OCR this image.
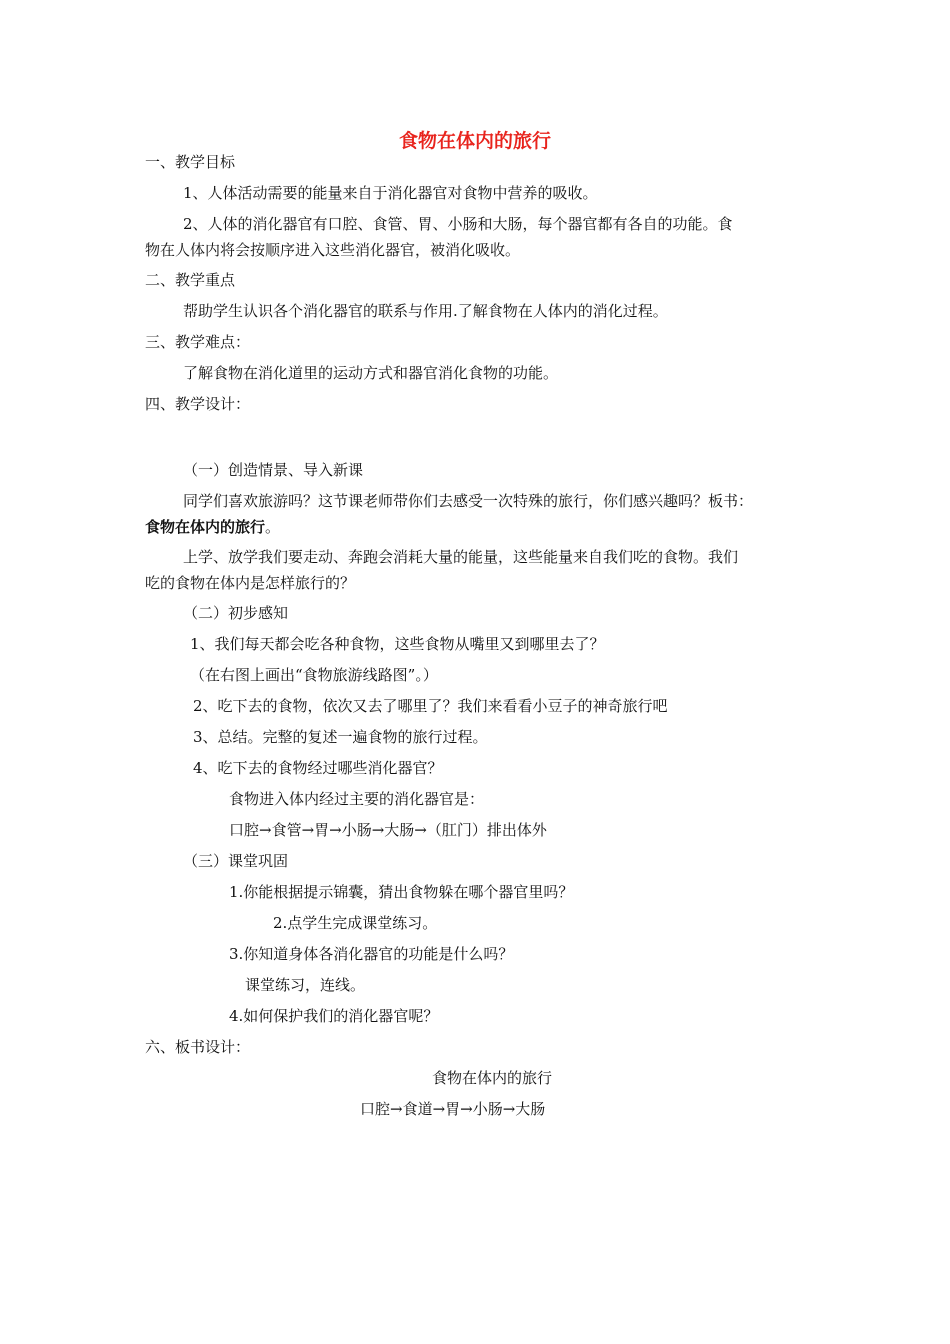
食物在体内的旅行
一、教学目标
1、人体活动需要的能量来自于消化器官对食物中营养的吸收。
2、人体的消化器官有口腔、食管、胃、小肠和大肠，每个器官都有各自的功能。食
物在人体内将会按顺序进入这些消化器官，被消化吸收。
二、教学重点
帮助学生认识各个消化器官的联系与作用.了解食物在人体内的消化过程。
三、教学难点：
了解食物在消化道里的运动方式和器官消化食物的功能。
四、教学设计：
（一）创造情景、导入新课
同学们喜欢旅游吗？这节课老师带你们去感受一次特殊的旅行，你们感兴趣吗？板书：
食物在体内的旅行。
上学、放学我们要走动、奔跑会消耗大量的能量，这些能量来自我们吃的食物。我们
吃的食物在体内是怎样旅行的？
（二）初步感知
1、我们每天都会吃各种食物，这些食物从嘴里又到哪里去了？
（在右图上画出“食物旅游线路图”。）
2、吃下去的食物，依次又去了哪里了？我们来看看小豆子的神奇旅行吧
3、总结。完整的复述一遍食物的旅行过程。
4、吃下去的食物经过哪些消化器官？
食物进入体内经过主要的消化器官是：
口腔→食管→胃→小肠→大肠→（肛门）排出体外
（三）课堂巩固
1.你能根据提示锦囊，猜出食物躲在哪个器官里吗？
2.点学生完成课堂练习。
3.你知道身体各消化器官的功能是什么吗？
课堂练习，连线。
4.如何保护我们的消化器官呢？
六、板书设计：
食物在体内的旅行
口腔→食道→胃→小肠→大肠
